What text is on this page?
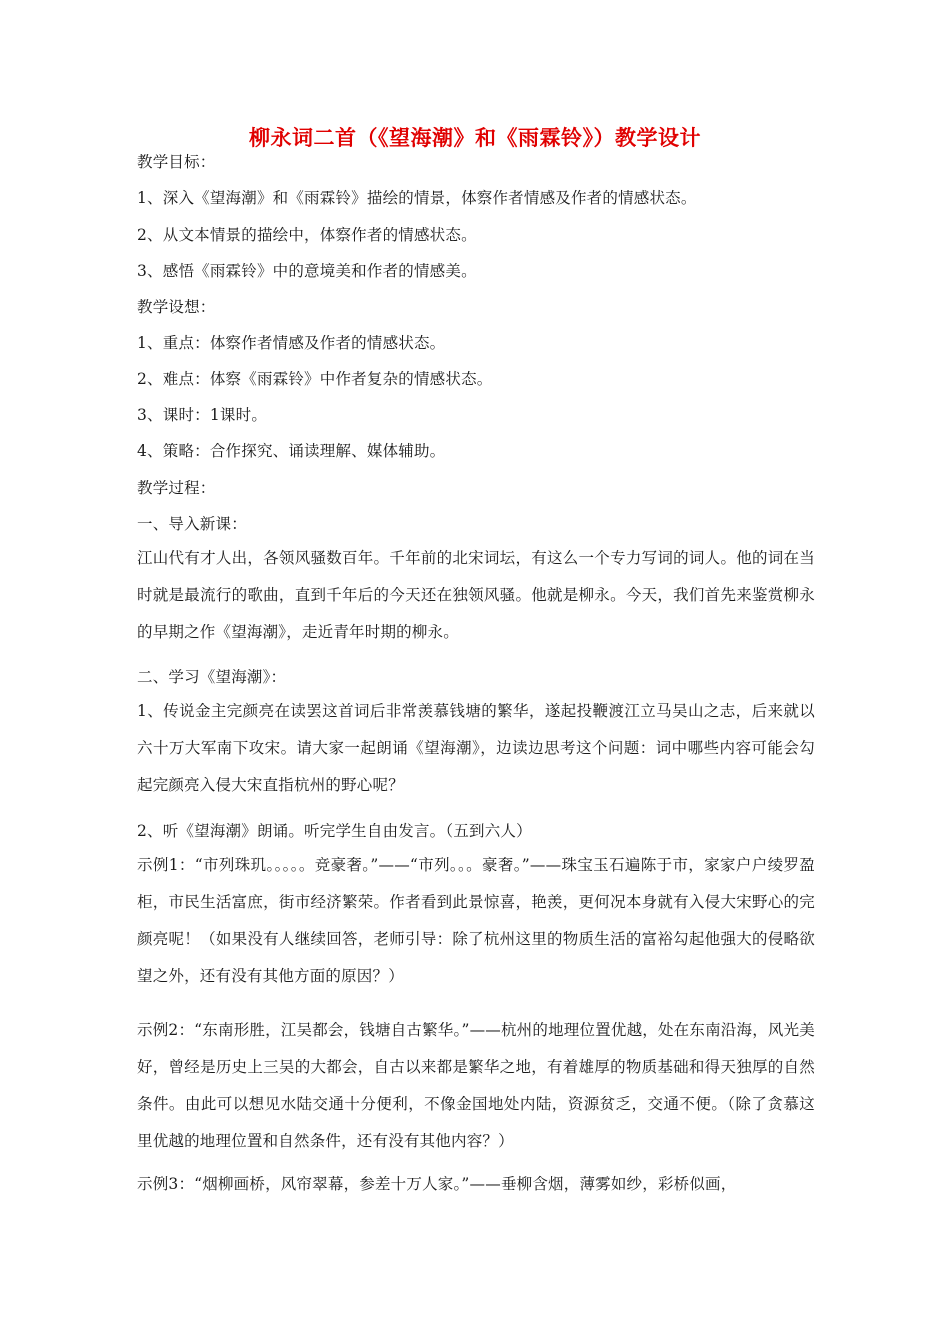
柳永词二首（《望海潮》和《雨霖铃》）教学设计
教学目标：
1、深入《望海潮》和《雨霖铃》描绘的情景，体察作者情感及作者的情感状态。
2、从文本情景的描绘中，体察作者的情感状态。
3、感悟《雨霖铃》中的意境美和作者的情感美。
教学设想：
1、重点：体察作者情感及作者的情感状态。
2、难点：体察《雨霖铃》中作者复杂的情感状态。
3、课时：1课时。
4、策略：合作探究、诵读理解、媒体辅助。
教学过程：
一、导入新课：
江山代有才人出，各领风骚数百年。千年前的北宋词坛，有这么一个专力写词的词人。他的词在当时就是最流行的歌曲，直到千年后的今天还在独领风骚。他就是柳永。今天，我们首先来鉴赏柳永的早期之作《望海潮》，走近青年时期的柳永。
二、学习《望海潮》：
1、传说金主完颜亮在读罢这首词后非常羡慕钱塘的繁华，遂起投鞭渡江立马吴山之志，后来就以六十万大军南下攻宋。请大家一起朗诵《望海潮》，边读边思考这个问题：词中哪些内容可能会勾起完颜亮入侵大宋直指杭州的野心呢？
2、听《望海潮》朗诵。听完学生自由发言。（五到六人）
示例1：“市列珠玑。。。。。竞豪奢。”——“市列。。。豪奢。”——珠宝玉石遍陈于市，家家户户绫罗盈柜，市民生活富庶，街市经济繁荣。作者看到此景惊喜，艳羡，更何况本身就有入侵大宋野心的完颜亮呢！（如果没有人继续回答，老师引导：除了杭州这里的物质生活的富裕勾起他强大的侵略欲望之外，还有没有其他方面的原因？）
示例2：“东南形胜，江吴都会，钱塘自古繁华。”——杭州的地理位置优越，处在东南沿海，风光美好，曾经是历史上三吴的大都会，自古以来都是繁华之地，有着雄厚的物质基础和得天独厚的自然条件。由此可以想见水陆交通十分便利，不像金国地处内陆，资源贫乏，交通不便。（除了贪慕这里优越的地理位置和自然条件，还有没有其他内容？）
示例3：“烟柳画桥，风帘翠幕，参差十万人家。”——垂柳含烟，薄雾如纱，彩桥似画，
